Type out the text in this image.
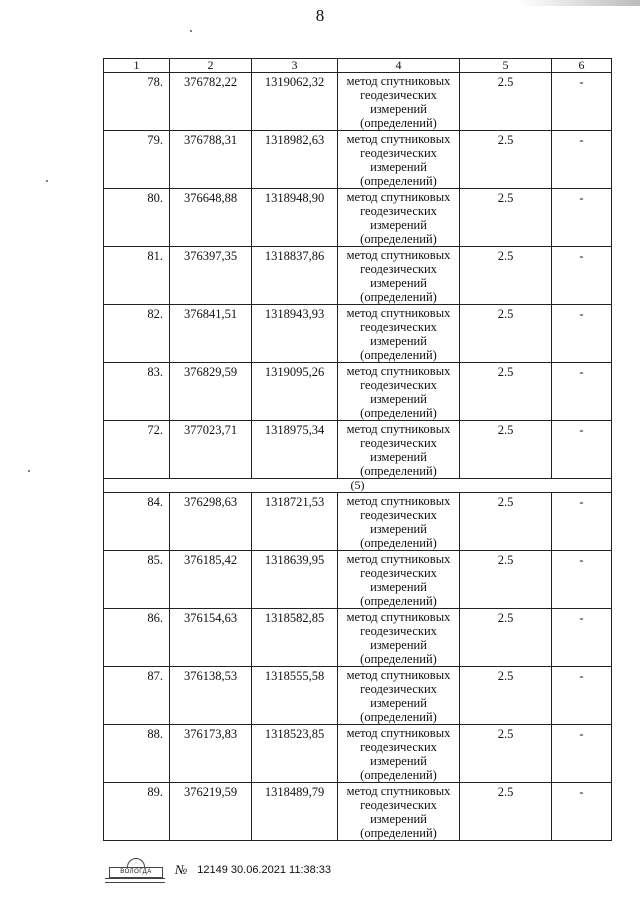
8
1	2	3	4	5	6

78.	376782,22	1319062,32	метод спутниковых
геодезических
измерений
(определений)	2.5	-

79.	376788,31	1318982,63	метод спутниковых
геодезических
измерений
(определений)	2.5	-

80.	376648,88	1318948,90	метод спутниковых
геодезических
измерений
(определений)	2.5	-

81.	376397,35	1318837,86	метод спутниковых
геодезических
измерений
(определений)	2.5	-

82.	376841,51	1318943,93	метод спутниковых
геодезических
измерений
(определений)	2.5	-

83.	376829,59	1319095,26	метод спутниковых
геодезических
измерений
(определений)	2.5	-

72.	377023,71	1318975,34	метод спутниковых
геодезических
измерений
(определений)	2.5	-

(5)					

84.	376298,63	1318721,53	метод спутниковых
геодезических
измерений
(определений)	2.5	-

85.	376185,42	1318639,95	метод спутниковых
геодезических
измерений
(определений)	2.5	-

86.	376154,63	1318582,85	метод спутниковых
геодезических
измерений
(определений)	2.5	-

87.	376138,53	1318555,58	метод спутниковых
геодезических
измерений
(определений)	2.5	-

88.	376173,83	1318523,85	метод спутниковых
геодезических
измерений
(определений)	2.5	-

89.	376219,59	1318489,79	метод спутниковых
геодезических
измерений
(определений)	2.5	-
ВОЛОГДА	№ 12149 30.06.2021 11:38:33
